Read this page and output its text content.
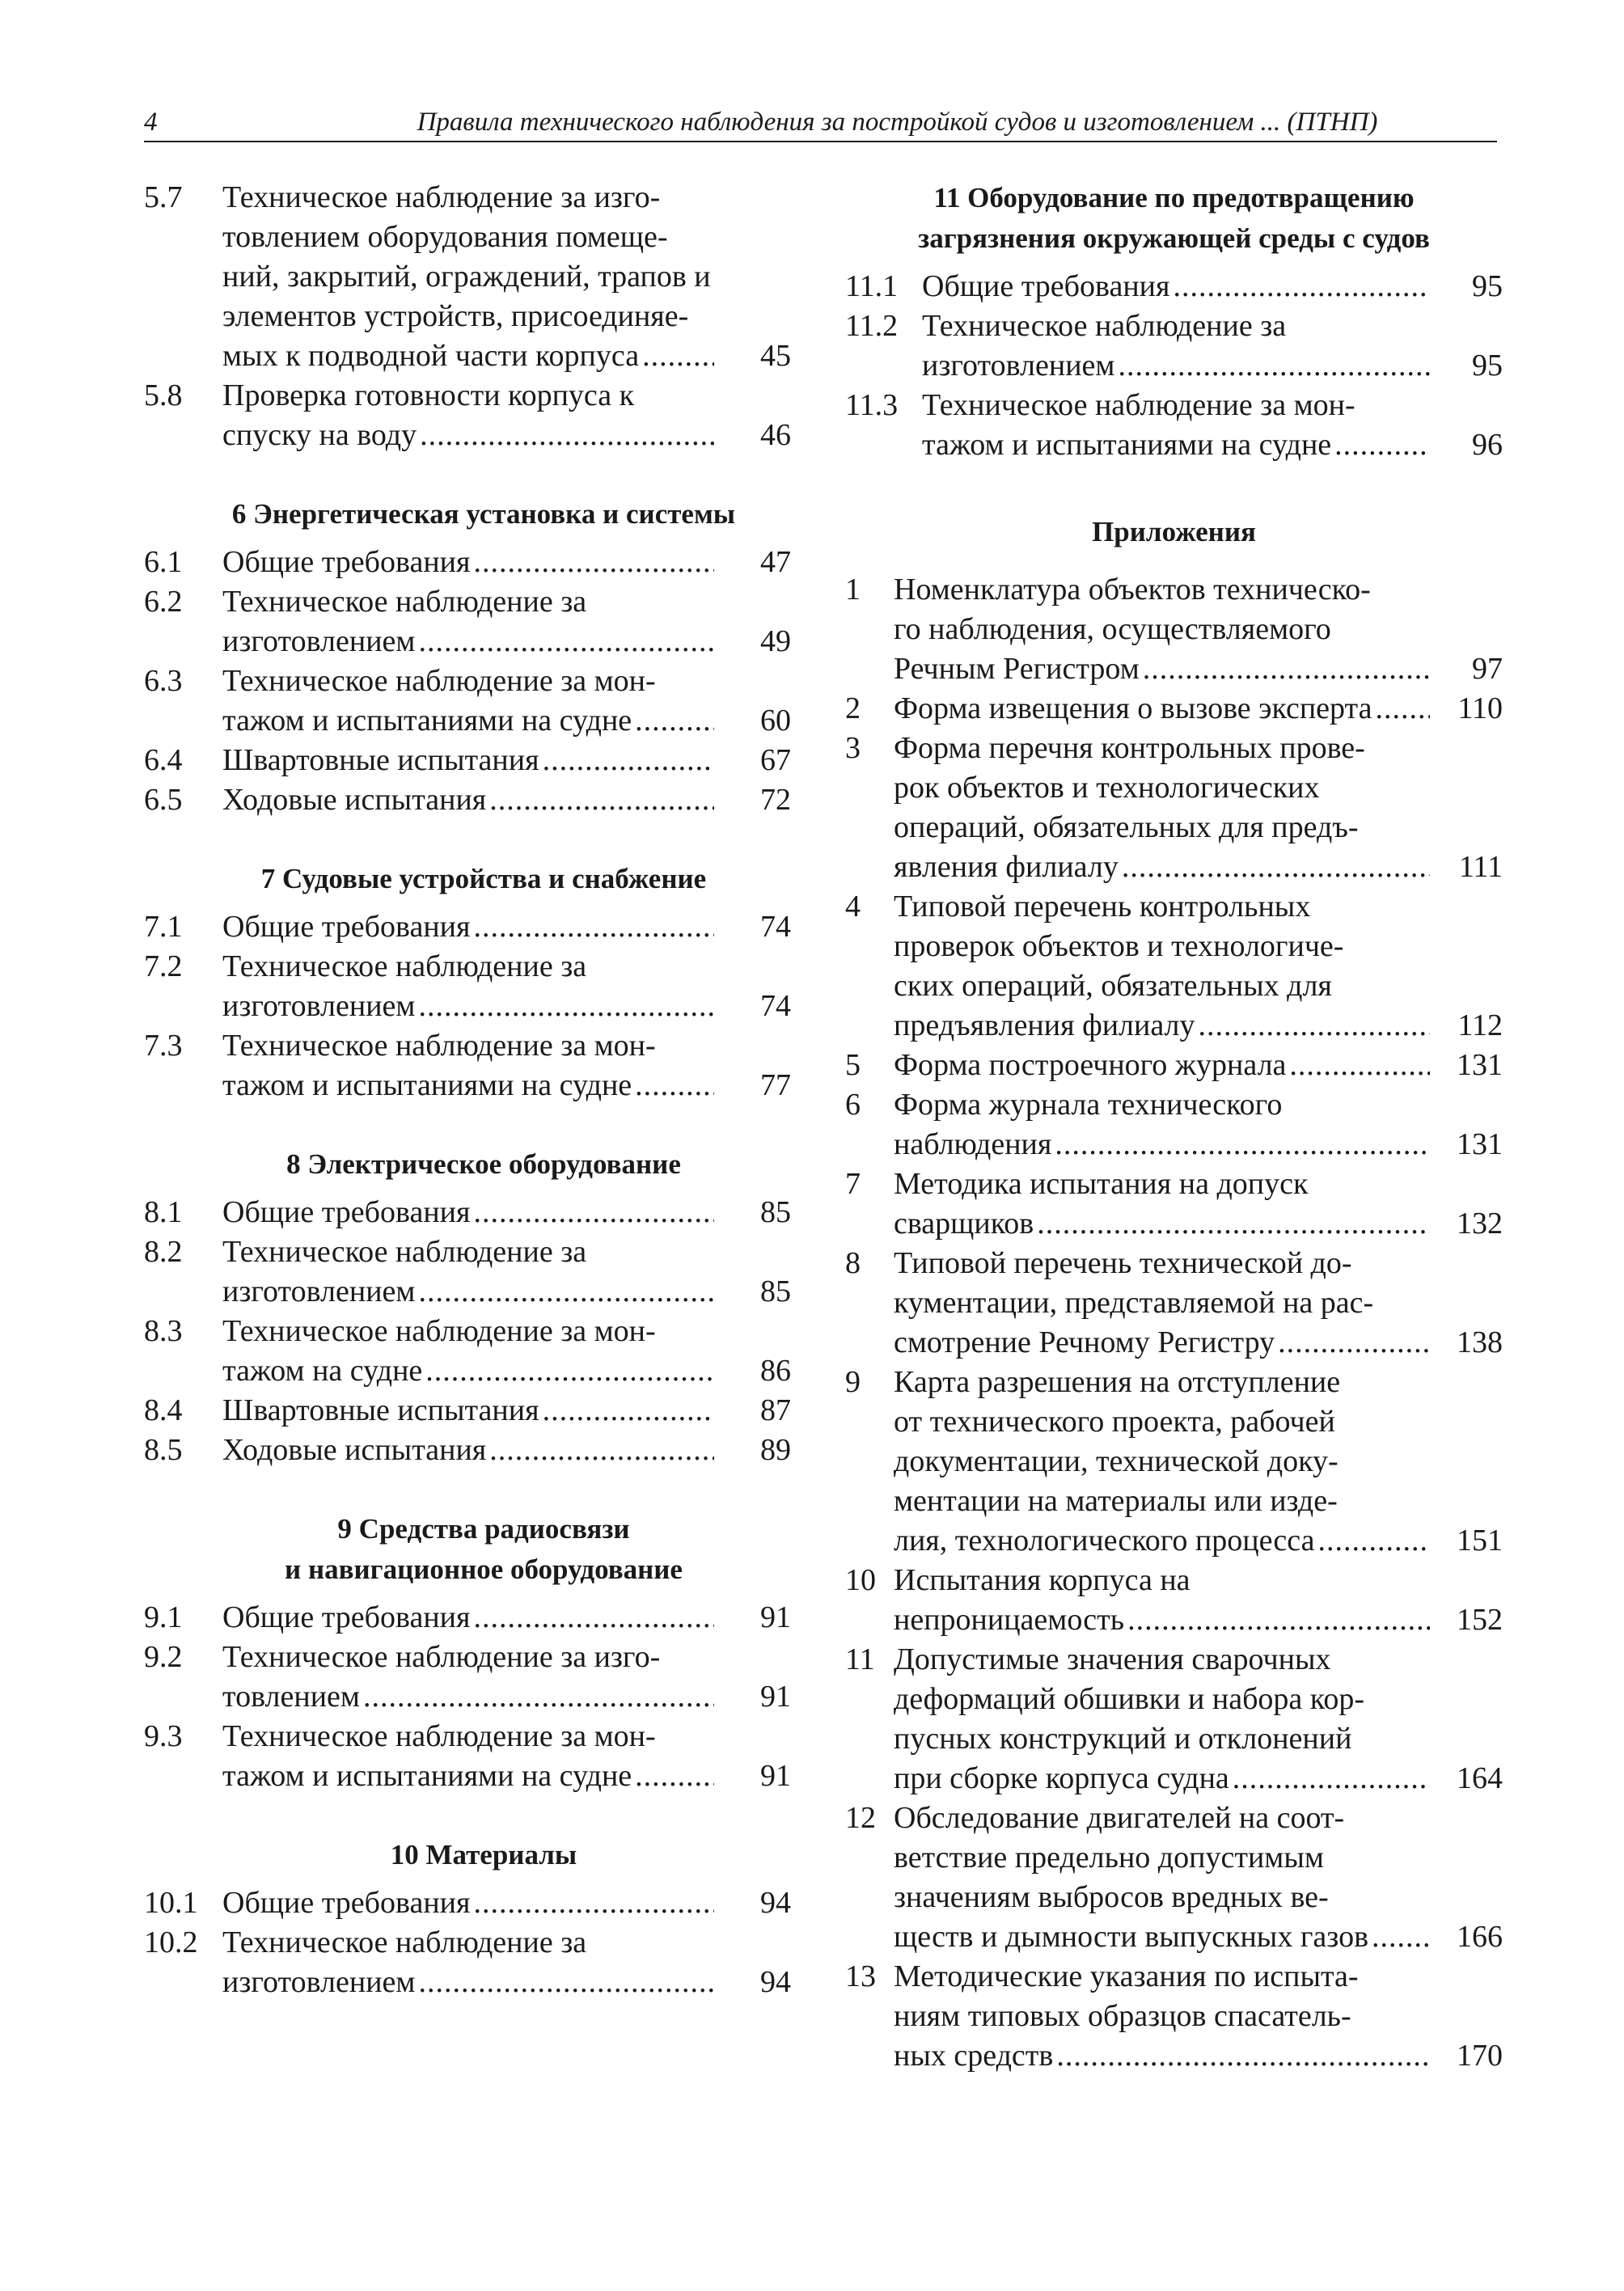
4	Правила технического наблюдения за постройкой судов и изготовлением ... (ПТНП)
5.7 Техническое наблюдение за изго-
товлением оборудования помеще-
ний, закрытий, ограждений, трапов и
элементов устройств, присоединяе-
мых к подводной части корпуса .....	45
5.8 Проверка готовности корпуса к
спуску на воду .....	46
6 Энергетическая установка и системы
6.1 Общие требования .....	47
6.2 Техническое наблюдение за
изготовлением .....	49
6.3 Техническое наблюдение за мон-
тажом и испытаниями на судне .....	60
6.4 Швартовные испытания .....	67
6.5 Ходовые испытания .....	72
7 Судовые устройства и снабжение
7.1 Общие требования .....	74
7.2 Техническое наблюдение за
изготовлением .....	74
7.3 Техническое наблюдение за мон-
тажом и испытаниями на судне .....	77
8 Электрическое оборудование
8.1 Общие требования .....	85
8.2 Техническое наблюдение за
изготовлением .....	85
8.3 Техническое наблюдение за мон-
тажом на судне .....	86
8.4 Швартовные испытания .....	87
8.5 Ходовые испытания .....	89
9 Средства радиосвязи
и навигационное оборудование
9.1 Общие требования .....	91
9.2 Техническое наблюдение за изго-
товлением .....	91
9.3 Техническое наблюдение за мон-
тажом и испытаниями на судне .....	91
10 Материалы
10.1 Общие требования .....	94
10.2 Техническое наблюдение за
изготовлением .....	94
11 Оборудование по предотвращению
загрязнения окружающей среды с судов
11.1 Общие требования .....	95
11.2 Техническое наблюдение за
изготовлением .....	95
11.3 Техническое наблюдение за мон-
тажом и испытаниями на судне .....	96
Приложения
1 Номенклатура объектов техническо-
го наблюдения, осуществляемого
Речным Регистром .....	97
2 Форма извещения о вызове эксперта .....	110
3 Форма перечня контрольных прове-
рок объектов и технологических
операций, обязательных для предъ-
явления филиалу .....	111
4 Типовой перечень контрольных
проверок объектов и технологиче-
ских операций, обязательных для
предъявления филиалу .....	112
5 Форма построечного журнала .....	131
6 Форма журнала технического
наблюдения .....	131
7 Методика испытания на допуск
сварщиков .....	132
8 Типовой перечень технической до-
кументации, представляемой на рас-
смотрение Речному Регистру .....	138
9 Карта разрешения на отступление
от технического проекта, рабочей
документации, технической доку-
ментации на материалы или изде-
лия, технологического процесса .....	151
10 Испытания корпуса на
непроницаемость .....	152
11 Допустимые значения сварочных
деформаций обшивки и набора кор-
пусных конструкций и отклонений
при сборке корпуса судна .....	164
12 Обследование двигателей на соот-
ветствие предельно допустимым
значениям выбросов вредных ве-
ществ и дымности выпускных газов .....	166
13 Методические указания по испыта-
ниям типовых образцов спасатель-
ных средств .....	170
